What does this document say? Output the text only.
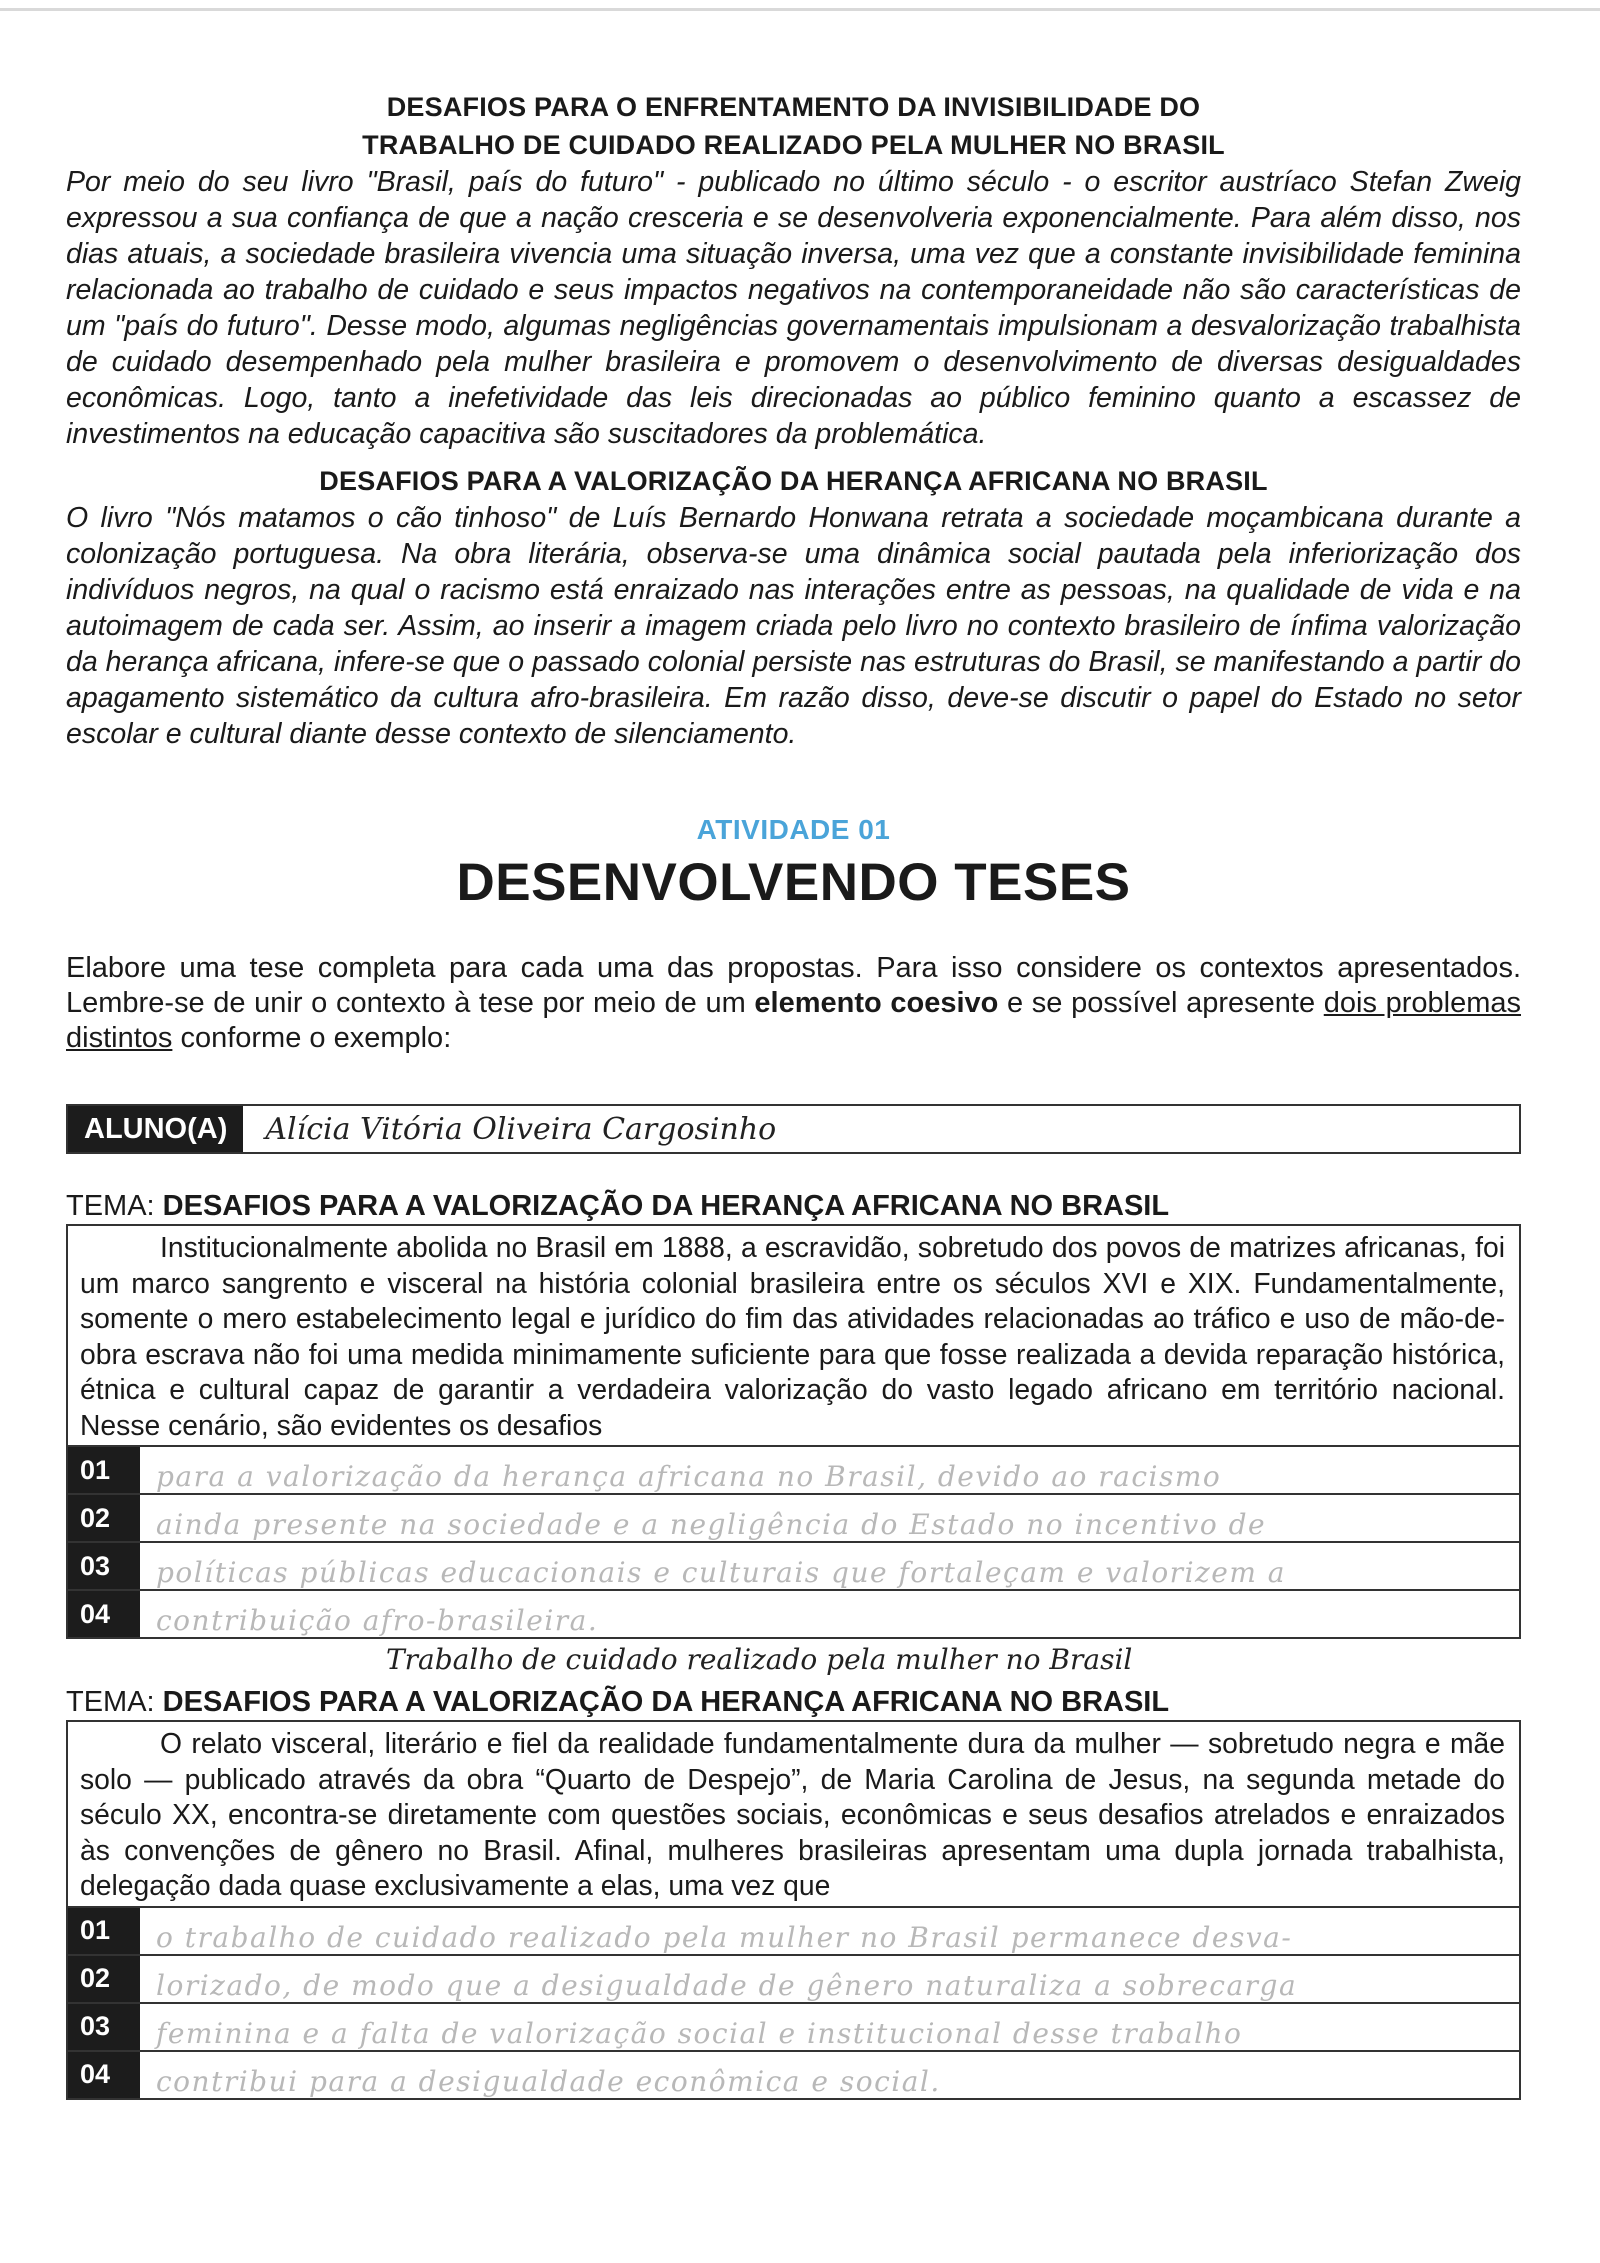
DESAFIOS PARA O ENFRENTAMENTO DA INVISIBILIDADE DO

TRABALHO DE CUIDADO REALIZADO PELA MULHER NO BRASIL

Por meio do seu livro "Brasil, país do futuro" - publicado no último século - o escritor austríaco Stefan Zweig expressou a sua confiança de que a nação cresceria e se desenvolveria exponencialmente. Para além disso, nos dias atuais, a sociedade brasileira vivencia uma situação inversa, uma vez que a constante invisibilidade feminina relacionada ao trabalho de cuidado e seus impactos negativos na contemporaneidade não são características de um "país do futuro". Desse modo, algumas negligências governamentais impulsionam a desvalorização trabalhista de cuidado desempenhado pela mulher brasileira e promovem o desenvolvimento de diversas desigualdades econômicas. Logo, tanto a inefetividade das leis direcionadas ao público feminino quanto a escassez de investimentos na educação capacitiva são suscitadores da problemática.

DESAFIOS PARA A VALORIZAÇÃO DA HERANÇA AFRICANA NO BRASIL

O livro "Nós matamos o cão tinhoso" de Luís Bernardo Honwana retrata a sociedade moçambicana durante a colonização portuguesa. Na obra literária, observa-se uma dinâmica social pautada pela inferiorização dos indivíduos negros, na qual o racismo está enraizado nas interações entre as pessoas, na qualidade de vida e na autoimagem de cada ser. Assim, ao inserir a imagem criada pelo livro no contexto brasileiro de ínfima valorização da herança africana, infere-se que o passado colonial persiste nas estruturas do Brasil, se manifestando a partir do apagamento sistemático da cultura afro-brasileira. Em razão disso, deve-se discutir o papel do Estado no setor escolar e cultural diante desse contexto de silenciamento.

ATIVIDADE 01
DESENVOLVENDO TESES
Elabore uma tese completa para cada uma das propostas. Para isso considere os contextos apresentados. Lembre-se de unir o contexto à tese por meio de um elemento coesivo e se possível apresente dois problemas distintos conforme o exemplo:
ALUNO(A)	Alícia Vitória Oliveira Cargosinho
TEMA: DESAFIOS PARA A VALORIZAÇÃO DA HERANÇA AFRICANA NO BRASIL
Institucionalmente abolida no Brasil em 1888, a escravidão, sobretudo dos povos de matrizes africanas, foi um marco sangrento e visceral na história colonial brasileira entre os séculos XVI e XIX. Fundamentalmente, somente o mero estabelecimento legal e jurídico do fim das atividades relacionadas ao tráfico e uso de mão-de-obra escrava não foi uma medida minimamente suficiente para que fosse realizada a devida reparação histórica, étnica e cultural capaz de garantir a verdadeira valorização do vasto legado africano em território nacional. Nesse cenário, são evidentes os desafios
01	para a valorização da herança africana no Brasil, devido ao racismo
02	ainda presente na sociedade e a negligência do Estado no incentivo de
03	políticas públicas educacionais e culturais que fortaleçam e valorizem a
04	contribuição afro-brasileira.
Trabalho de cuidado realizado pela mulher no Brasil
TEMA: DESAFIOS PARA A VALORIZAÇÃO DA HERANÇA AFRICANA NO BRASIL
O relato visceral, literário e fiel da realidade fundamentalmente dura da mulher — sobretudo negra e mãe solo — publicado através da obra “Quarto de Despejo”, de Maria Carolina de Jesus, na segunda metade do século XX, encontra-se diretamente com questões sociais, econômicas e seus desafios atrelados e enraizados às convenções de gênero no Brasil. Afinal, mulheres brasileiras apresentam uma dupla jornada trabalhista, delegação dada quase exclusivamente a elas, uma vez que
01	o trabalho de cuidado realizado pela mulher no Brasil permanece desva-
02	lorizado, de modo que a desigualdade de gênero naturaliza a sobrecarga
03	feminina e a falta de valorização social e institucional desse trabalho
04	contribui para a desigualdade econômica e social.
